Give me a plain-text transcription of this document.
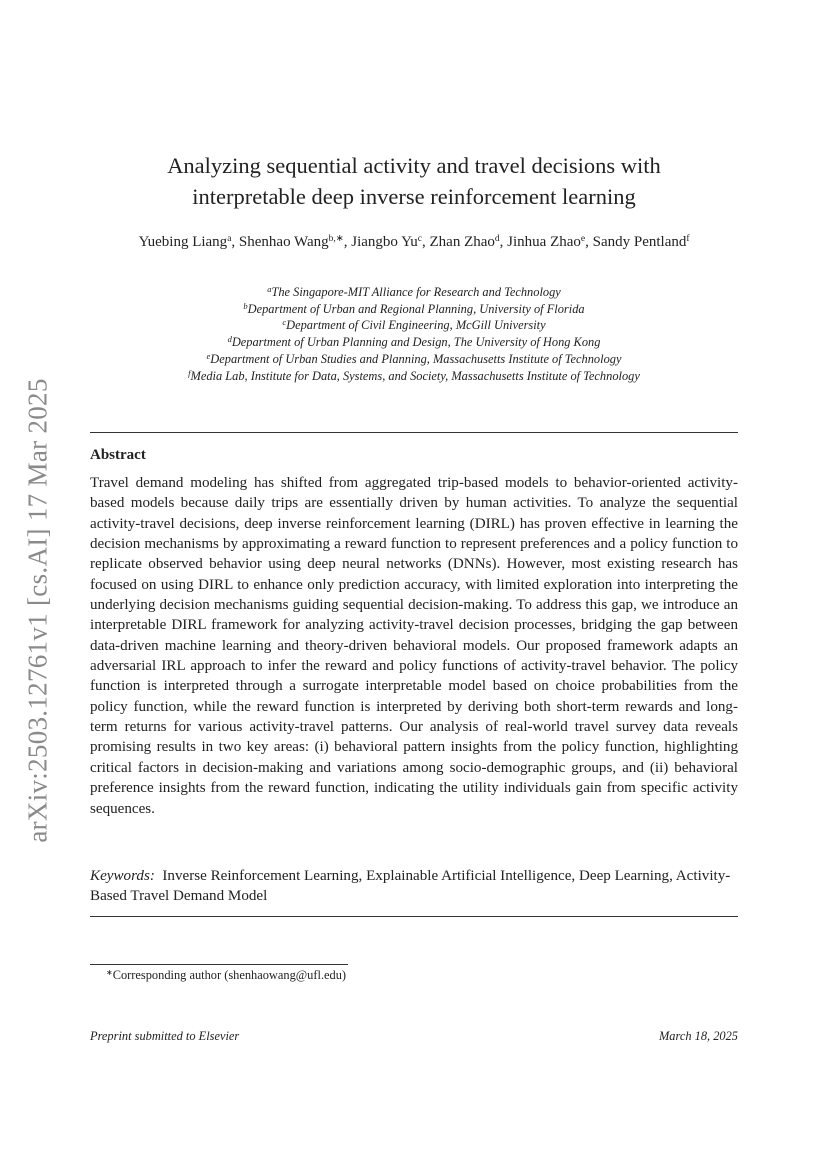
arXiv:2503.12761v1 [cs.AI] 17 Mar 2025
Analyzing sequential activity and travel decisions with
interpretable deep inverse reinforcement learning
Yuebing Liang$^a$, Shenhao Wang$^{b,∗}$, Jiangbo Yu$^c$, Zhan Zhao$^d$, Jinhua Zhao$^e$, Sandy Pentland$^f$
$^a$The Singapore-MIT Alliance for Research and Technology
$^b$Department of Urban and Regional Planning, University of Florida
$^c$Department of Civil Engineering, McGill University
$^d$Department of Urban Planning and Design, The University of Hong Kong
$^e$Department of Urban Studies and Planning, Massachusetts Institute of Technology
$^f$Media Lab, Institute for Data, Systems, and Society, Massachusetts Institute of Technology
Abstract

Travel demand modeling has shifted from aggregated trip-based models to behavior-oriented activity-based models because daily trips are essentially driven by human activities. To analyze the sequential activity-travel decisions, deep inverse reinforcement learning (DIRL) has proven effective in learning the decision mechanisms by approximating a reward function to represent preferences and a policy function to replicate observed behavior using deep neural networks (DNNs). However, most existing research has focused on using DIRL to enhance only prediction accuracy, with limited exploration into interpreting the underlying decision mechanisms guiding sequential decision-making. To address this gap, we introduce an interpretable DIRL framework for analyzing activity-travel decision processes, bridging the gap between data-driven machine learning and theory-driven behavioral models. Our proposed framework adapts an adversarial IRL approach to infer the reward and policy functions of activity-travel behavior. The policy function is interpreted through a surrogate interpretable model based on choice probabilities from the policy function, while the reward function is interpreted by deriving both short-term rewards and long-term returns for various activity-travel patterns. Our analysis of real-world travel survey data reveals promising results in two key areas: (i) behavioral pattern insights from the policy function, highlighting critical factors in decision-making and variations among socio-demographic groups, and (ii) behavioral preference insights from the reward function, indicating the utility individuals gain from specific activity sequences.

Keywords: Inverse Reinforcement Learning, Explainable Artificial Intelligence, Deep Learning, Activity-Based Travel Demand Model

∗Corresponding author (shenhaowang@ufl.edu)
Preprint submitted to Elsevier	March 18, 2025
